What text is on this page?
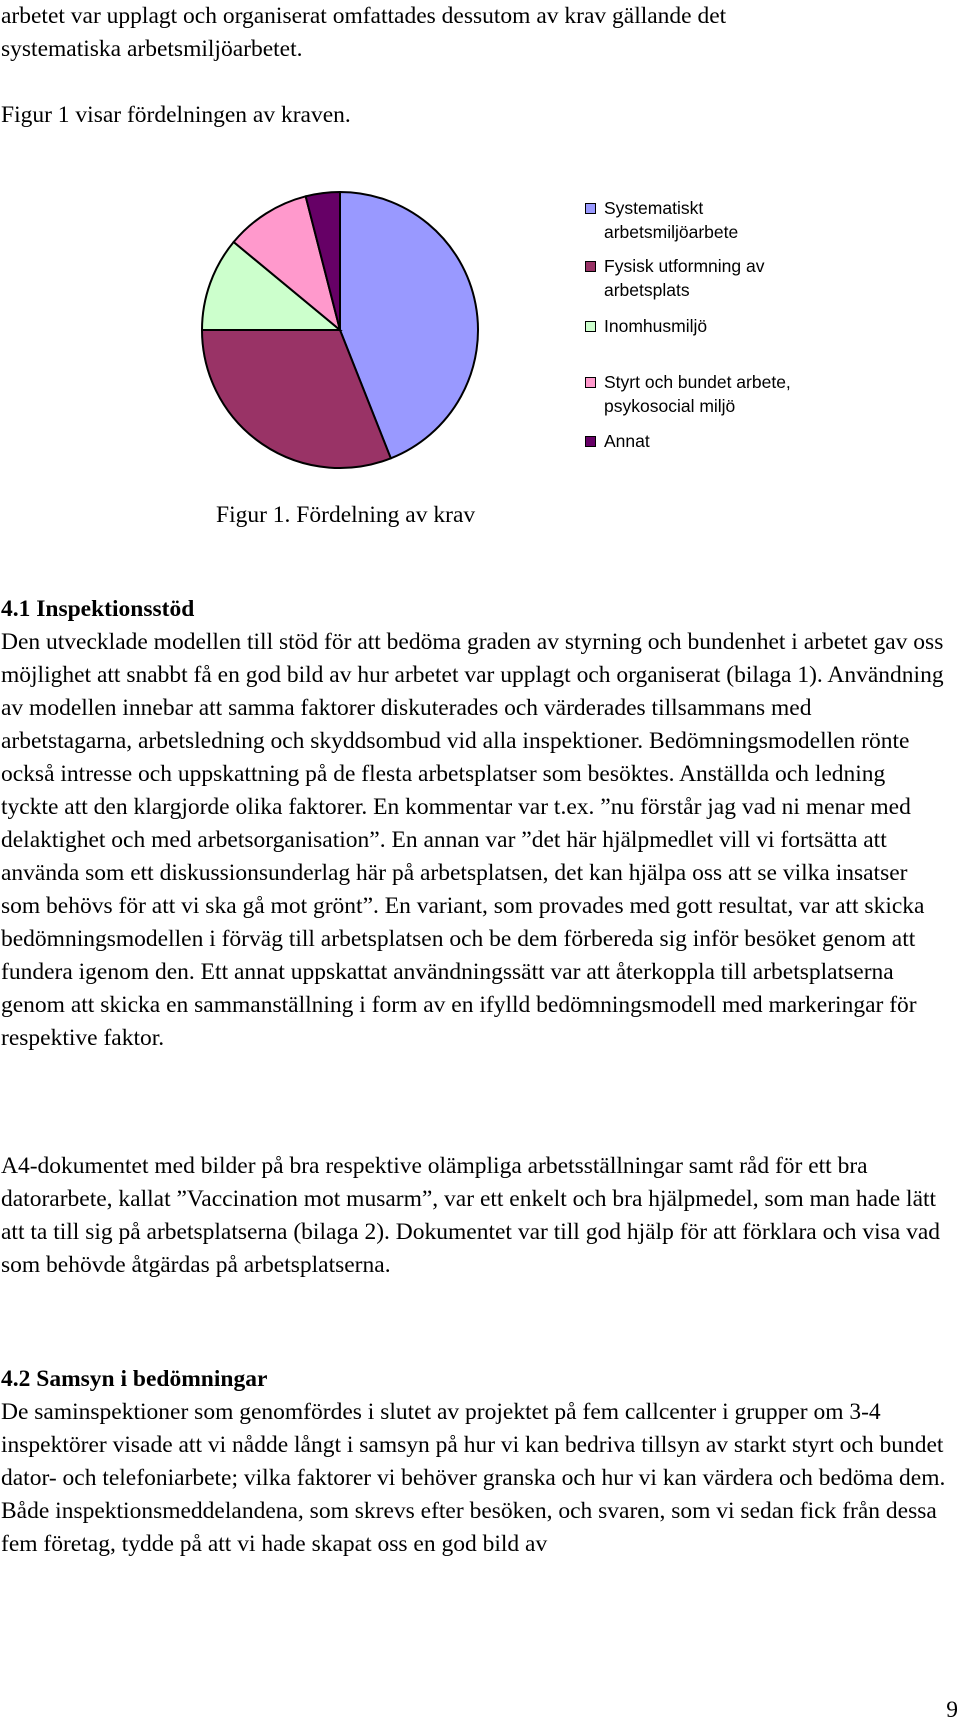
arbetet var upplagt och organiserat omfattades dessutom av krav gällande det
systematiska arbetsmiljöarbetet.
Figur 1 visar fördelningen av kraven.
Systematiskt
arbetsmiljöarbete
Fysisk utformning av
arbetsplats
Inomhusmiljö
Styrt och bundet arbete,
psykosocial miljö
Annat
Figur 1. Fördelning av krav
4.1 Inspektionsstöd

Den utvecklade modellen till stöd för att bedöma graden av styrning och bundenhet i arbetet gav oss möjlighet att snabbt få en god bild av hur arbetet var upplagt och organiserat (bilaga 1). Användning av modellen innebar att samma faktorer diskuterades och värderades tillsammans med arbetstagarna, arbetsledning och skyddsombud vid alla inspektioner. Bedömningsmodellen rönte också intresse och uppskattning på de flesta arbetsplatser som besöktes. Anställda och ledning tyckte att den klargjorde olika faktorer. En kommentar var t.ex. ”nu förstår jag vad ni menar med delaktighet och med arbetsorganisation”. En annan var ”det här hjälpmedlet vill vi fortsätta att använda som ett diskussionsunderlag här på arbetsplatsen, det kan hjälpa oss att se vilka insatser som behövs för att vi ska gå mot grönt”. En variant, som provades med gott resultat, var att skicka bedömningsmodellen i förväg till arbetsplatsen och be dem förbereda sig inför besöket genom att fundera igenom den. Ett annat uppskattat användningssätt var att återkoppla till arbetsplatserna genom att skicka en sammanställning i form av en ifylld bedömningsmodell med markeringar för respektive faktor.

A4-dokumentet med bilder på bra respektive olämpliga arbetsställningar samt råd för ett bra datorarbete, kallat ”Vaccination mot musarm”, var ett enkelt och bra hjälpmedel, som man hade lätt att ta till sig på arbetsplatserna (bilaga 2). Dokumentet var till god hjälp för att förklara och visa vad som behövde åtgärdas på arbetsplatserna.

4.2 Samsyn i bedömningar

De saminspektioner som genomfördes i slutet av projektet på fem callcenter i grupper om 3-4 inspektörer visade att vi nådde långt i samsyn på hur vi kan bedriva tillsyn av starkt styrt och bundet dator- och telefoniarbete; vilka faktorer vi behöver granska och hur vi kan värdera och bedöma dem. Både inspektionsmeddelandena, som skrevs efter besöken, och svaren, som vi sedan fick från dessa fem företag, tydde på att vi hade skapat oss en god bild av

9
